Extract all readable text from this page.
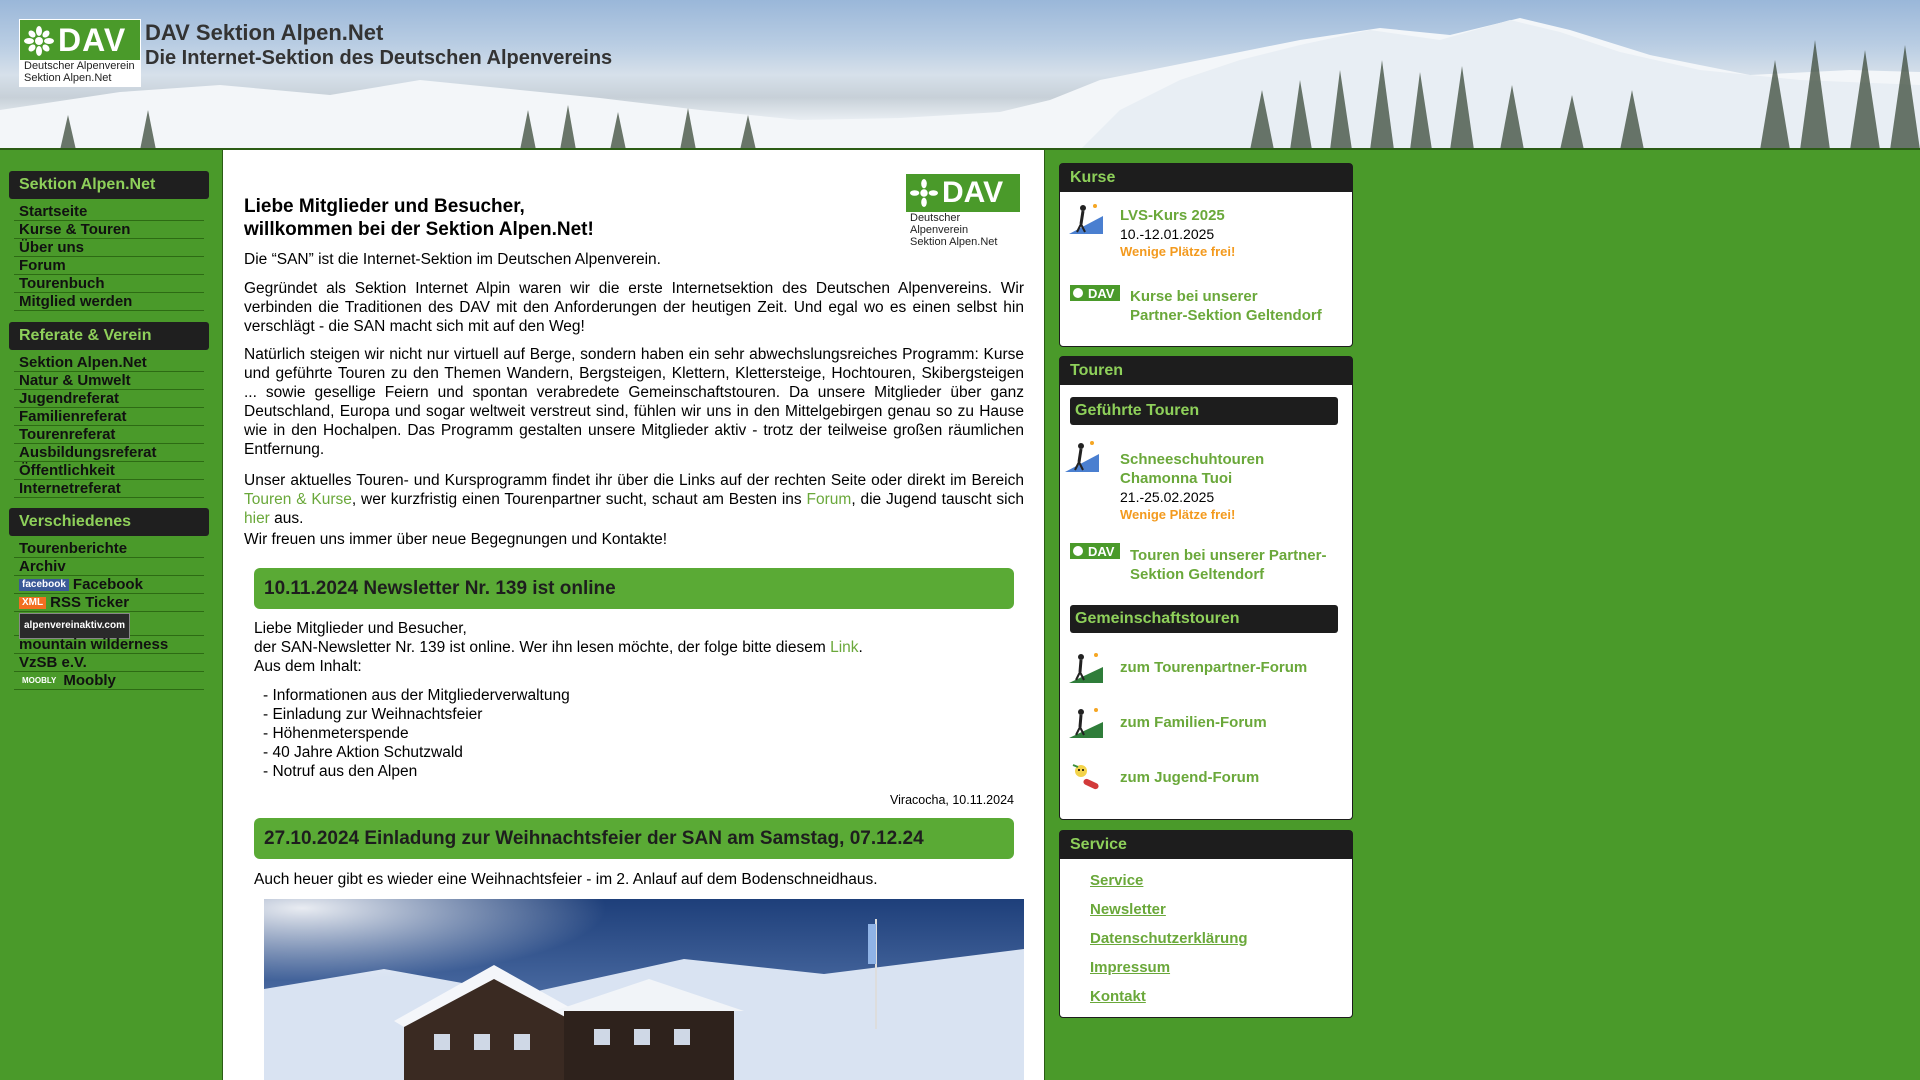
DAV
Deutscher Alpenverein
Sektion Alpen.Net
DAV Sektion Alpen.Net
Die Internet-Sektion des Deutschen Alpenvereins
Sektion Alpen.Net
Startseite
Kurse & Touren
Über uns
Forum
Tourenbuch
Mitglied werden
Referate & Verein
Sektion Alpen.Net
Natur & Umwelt
Jugendreferat
Familienreferat
Tourenreferat
Ausbildungsreferat
Öffentlichkeit
Internetreferat
Verschiedenes
Tourenberichte
Archiv
facebook Facebook
XML RSS Ticker
alpenvereinaktiv.com
mountain wilderness
VzSB e.V.
MOOBLY Moobly
Liebe Mitglieder und Besucher,
willkommen bei der Sektion Alpen.Net!
DAV
Deutscher Alpenverein
Sektion Alpen.Net
Die “SAN” ist die Internet-Sektion im Deutschen Alpenverein.
Gegründet als Sektion Internet Alpin waren wir die erste Internetsektion des Deutschen Alpenvereins. Wir verbinden die Traditionen des DAV mit den Anforderungen der heutigen Zeit. Und egal wo es einen selbst hin verschlägt - die SAN macht sich mit auf den Weg!
Natürlich steigen wir nicht nur virtuell auf Berge, sondern haben ein sehr abwechslungsreiches Programm: Kurse und geführte Touren zu den Themen Wandern, Bergsteigen, Klettern, Klettersteige, Hochtouren, Skibergsteigen ... sowie gesellige Feiern und spontan verabredete Gemeinschaftstouren. Da unsere Mitglieder über ganz Deutschland, Europa und sogar weltweit verstreut sind, fühlen wir uns in den Mittelgebirgen genau so zu Hause wie in den Hochalpen. Das Programm gestalten unsere Mitglieder aktiv - trotz der teilweise großen räumlichen Entfernung.
Unser aktuelles Touren- und Kursprogramm findet ihr über die Links auf der rechten Seite oder direkt im Bereich Touren & Kurse, wer kurzfristig einen Tourenpartner sucht, schaut am Besten ins Forum, die Jugend tauscht sich hier aus.
Wir freuen uns immer über neue Begegnungen und Kontakte!
10.11.2024 Newsletter Nr. 139 ist online
Liebe Mitglieder und Besucher,
der SAN-Newsletter Nr. 139 ist online. Wer ihn lesen möchte, der folge bitte diesem Link.
Aus dem Inhalt:
- Informationen aus der Mitgliederverwaltung
- Einladung zur Weihnachtsfeier
- Höhenmeterspende
- 40 Jahre Aktion Schutzwald
- Notruf aus den Alpen
Viracocha, 10.11.2024
27.10.2024 Einladung zur Weihnachtsfeier der SAN am Samstag, 07.12.24
Auch heuer gibt es wieder eine Weihnachtsfeier - im 2. Anlauf auf dem Bodenschneidhaus.
Kurse
LVS-Kurs 2025
10.-12.01.2025
Wenige Plätze frei!
DAV Kurse bei unserer
Partner-Sektion Geltendorf
Touren
Geführte Touren
Schneeschuhtouren
Chamonna Tuoi
21.-25.02.2025
Wenige Plätze frei!
DAV Touren bei unserer Partner-
Sektion Geltendorf
Gemeinschaftstouren
zum Tourenpartner-Forum
zum Familien-Forum
zum Jugend-Forum
Service
Service
Newsletter
Datenschutzerklärung
Impressum
Kontakt
